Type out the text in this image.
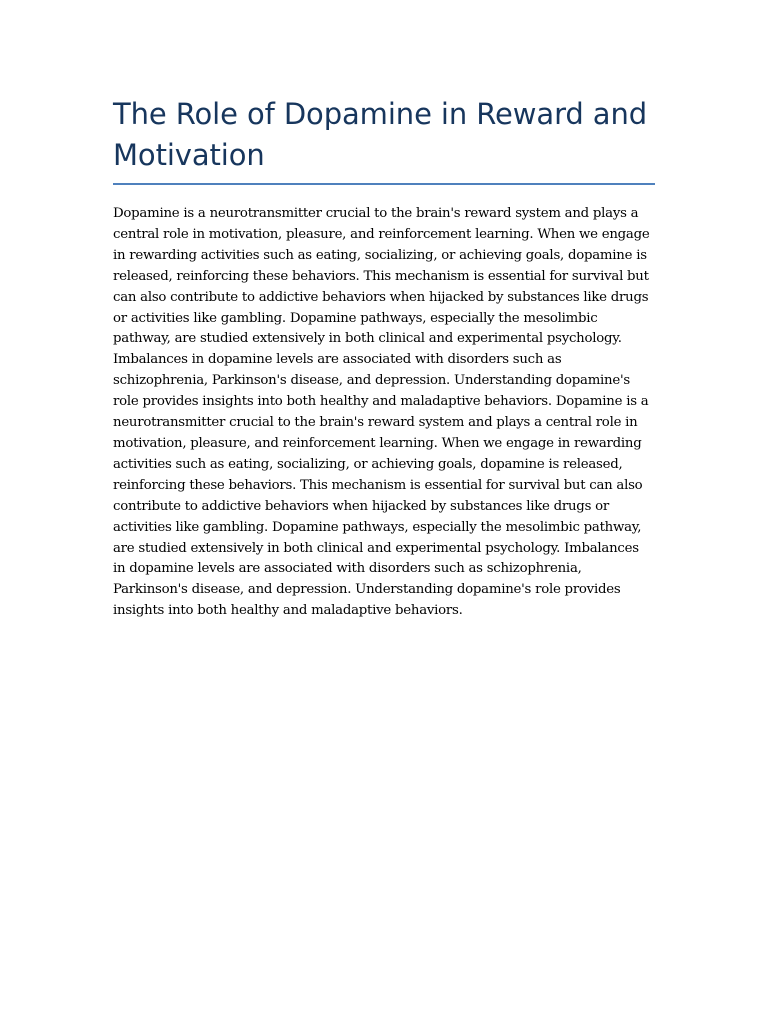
The Role of Dopamine in Reward and Motivation

Dopamine is a neurotransmitter crucial to the brain's reward system and plays a central role in motivation, pleasure, and reinforcement learning. When we engage in rewarding activities such as eating, socializing, or achieving goals, dopamine is released, reinforcing these behaviors. This mechanism is essential for survival but can also contribute to addictive behaviors when hijacked by substances like drugs or activities like gambling. Dopamine pathways, especially the mesolimbic pathway, are studied extensively in both clinical and experimental psychology. Imbalances in dopamine levels are associated with disorders such as schizophrenia, Parkinson's disease, and depression. Understanding dopamine's role provides insights into both healthy and maladaptive behaviors. Dopamine is a neurotransmitter crucial to the brain's reward system and plays a central role in motivation, pleasure, and reinforcement learning. When we engage in rewarding activities such as eating, socializing, or achieving goals, dopamine is released, reinforcing these behaviors. This mechanism is essential for survival but can also contribute to addictive behaviors when hijacked by substances like drugs or activities like gambling. Dopamine pathways, especially the mesolimbic pathway, are studied extensively in both clinical and experimental psychology. Imbalances in dopamine levels are associated with disorders such as schizophrenia, Parkinson's disease, and depression. Understanding dopamine's role provides insights into both healthy and maladaptive behaviors.
